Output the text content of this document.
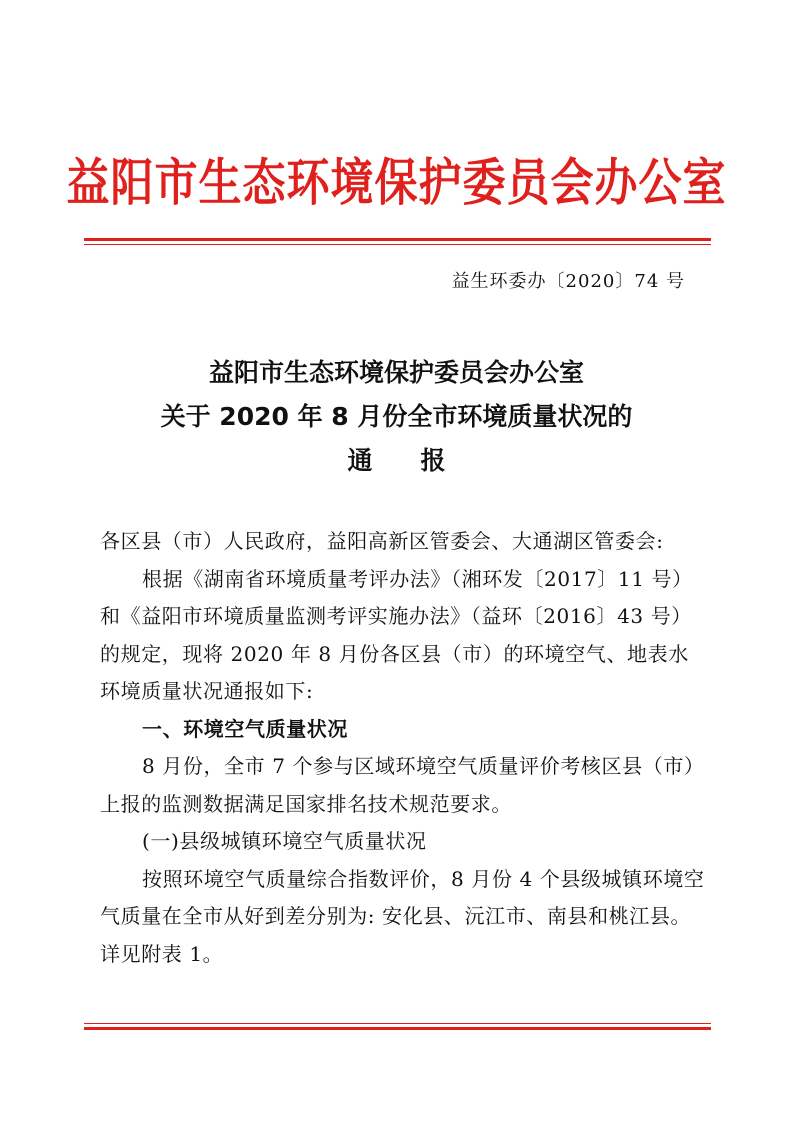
益阳市生态环境保护委员会办公室
益生环委办〔2020〕74 号
益阳市生态环境保护委员会办公室
关于 2020 年 8 月份全市环境质量状况的
通报
各区县（市）人民政府，益阳高新区管委会、大通湖区管委会:
根据《湖南省环境质量考评办法》（湘环发〔2017〕11 号）
和《益阳市环境质量监测考评实施办法》（益环〔2016〕43 号）
的规定，现将 2020 年 8 月份各区县（市）的环境空气、地表水
环境质量状况通报如下:
一、环境空气质量状况
8 月份，全市 7 个参与区域环境空气质量评价考核区县（市）
上报的监测数据满足国家排名技术规范要求。
(一)县级城镇环境空气质量状况
按照环境空气质量综合指数评价，8 月份 4 个县级城镇环境空
气质量在全市从好到差分别为: 安化县、沅江市、南县和桃江县。
详见附表 1。
